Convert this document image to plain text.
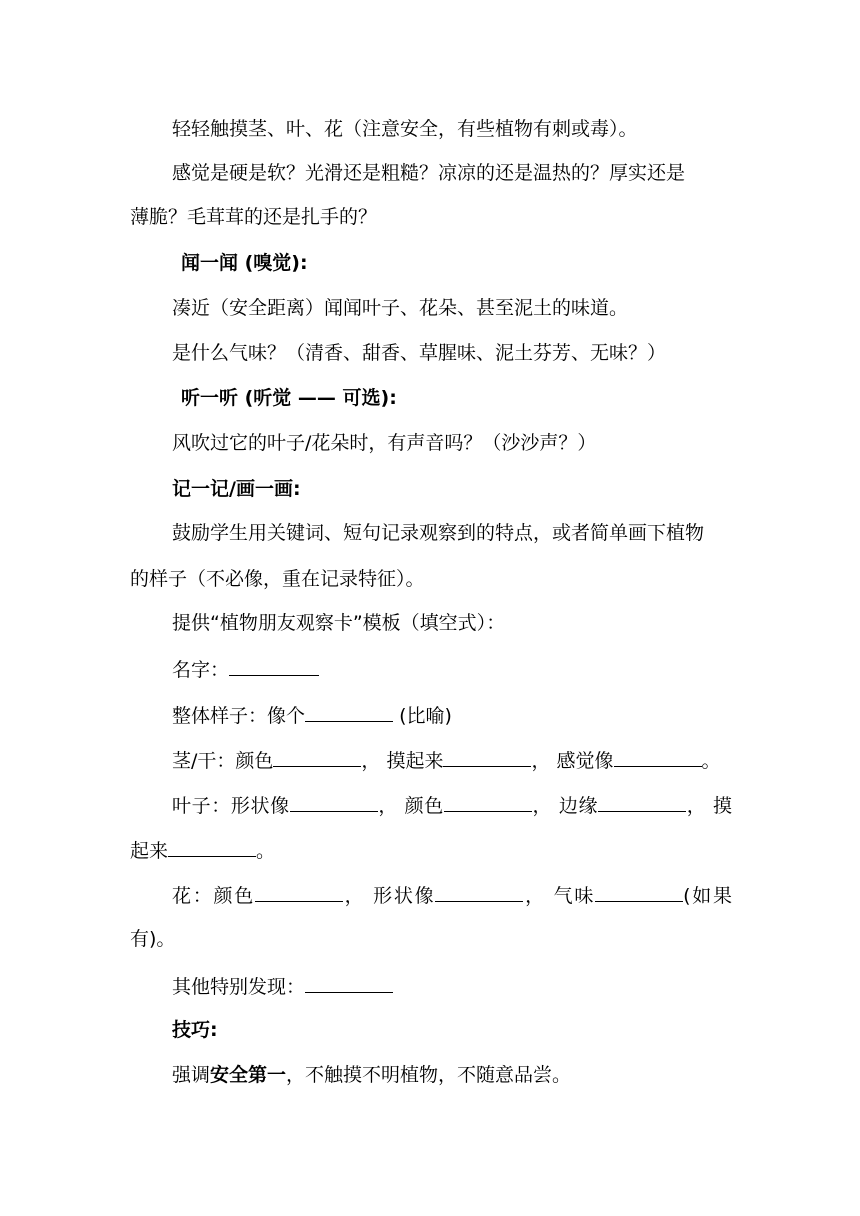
轻轻触摸茎、叶、花（注意安全，有些植物有刺或毒）。
感觉是硬是软？光滑还是粗糙？凉凉的还是温热的？厚实还是
薄脆？毛茸茸的还是扎手的？
闻一闻 (嗅觉):
凑近（安全距离）闻闻叶子、花朵、甚至泥土的味道。
是什么气味？（清香、甜香、草腥味、泥土芬芳、无味？）
听一听 (听觉 —— 可选):
风吹过它的叶子/花朵时，有声音吗？（沙沙声？）
记一记/画一画:
鼓励学生用关键词、短句记录观察到的特点，或者简单画下植物
的样子（不必像，重在记录特征）。
提供“植物朋友观察卡”模板（填空式）：
名字：
整体样子：像个	(比喻)
茎/干：颜色	， 摸起来	， 感觉像	。
叶子：形状像	， 颜色	， 边缘	， 摸
起来	。
花：颜色	， 形状像	， 气味	(如果
有)。
其他特别发现：
技巧:
强调安全第一，不触摸不明植物，不随意品尝。
